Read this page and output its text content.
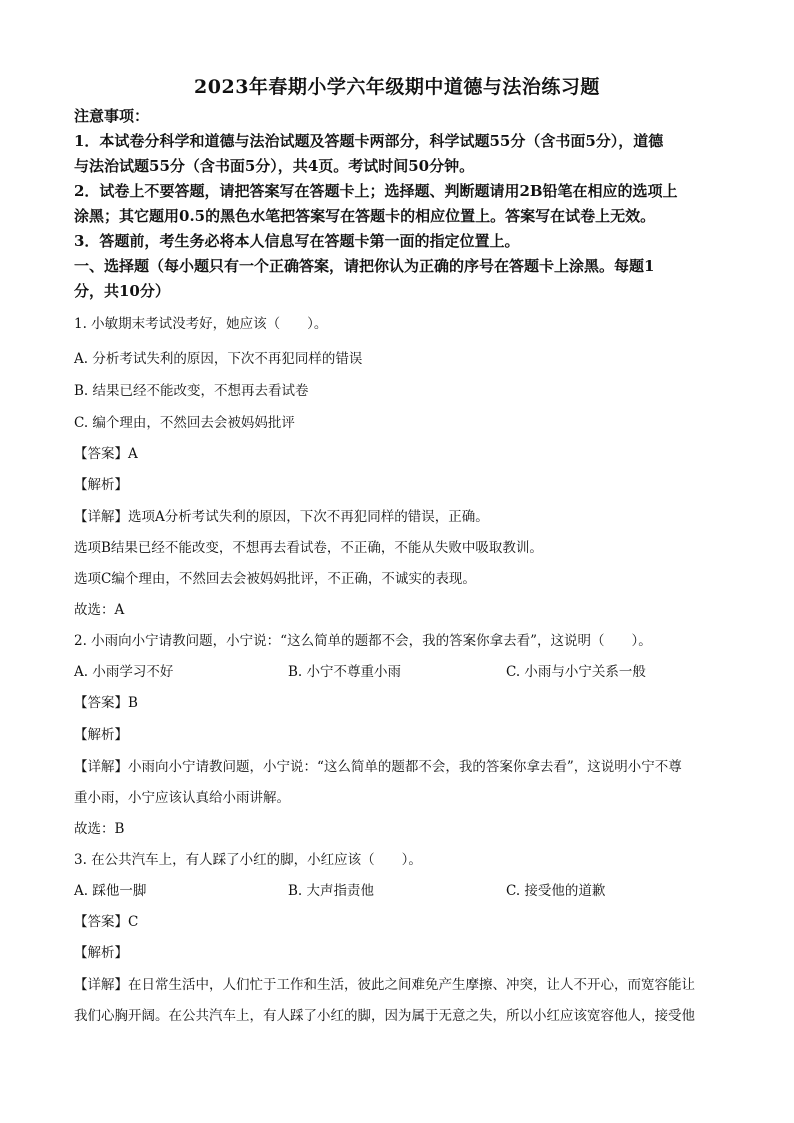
2023年春期小学六年级期中道德与法治练习题
注意事项：
1．本试卷分科学和道德与法治试题及答题卡两部分，科学试题55分（含书面5分），道德
与法治试题55分（含书面5分），共4页。考试时间50分钟。
2．试卷上不要答题，请把答案写在答题卡上；选择题、判断题请用2B铅笔在相应的选项上
涂黑；其它题用0.5的黑色水笔把答案写在答题卡的相应位置上。答案写在试卷上无效。
3．答题前，考生务必将本人信息写在答题卡第一面的指定位置上。
一、选择题（每小题只有一个正确答案，请把你认为正确的序号在答题卡上涂黑。每题1
分，共10分）
1. 小敏期末考试没考好，她应该（　　）。
A. 分析考试失利的原因，下次不再犯同样的错误
B. 结果已经不能改变，不想再去看试卷
C. 编个理由，不然回去会被妈妈批评
【答案】A
【解析】
【详解】选项A分析考试失利的原因，下次不再犯同样的错误，正确。
选项B结果已经不能改变，不想再去看试卷，不正确，不能从失败中吸取教训。
选项C编个理由，不然回去会被妈妈批评，不正确，不诚实的表现。
故选：A
2. 小雨向小宁请教问题，小宁说：“这么简单的题都不会，我的答案你拿去看”，这说明（　　）。
A. 小雨学习不好	B. 小宁不尊重小雨	C. 小雨与小宁关系一般
【答案】B
【解析】
【详解】小雨向小宁请教问题，小宁说：“这么简单的题都不会，我的答案你拿去看”，这说明小宁不尊
重小雨，小宁应该认真给小雨讲解。
故选：B
3. 在公共汽车上，有人踩了小红的脚，小红应该（　　）。
A. 踩他一脚	B. 大声指责他	C. 接受他的道歉
【答案】C
【解析】
【详解】在日常生活中，人们忙于工作和生活，彼此之间难免产生摩擦、冲突，让人不开心，而宽容能让
我们心胸开阔。在公共汽车上，有人踩了小红的脚，因为属于无意之失，所以小红应该宽容他人，接受他
